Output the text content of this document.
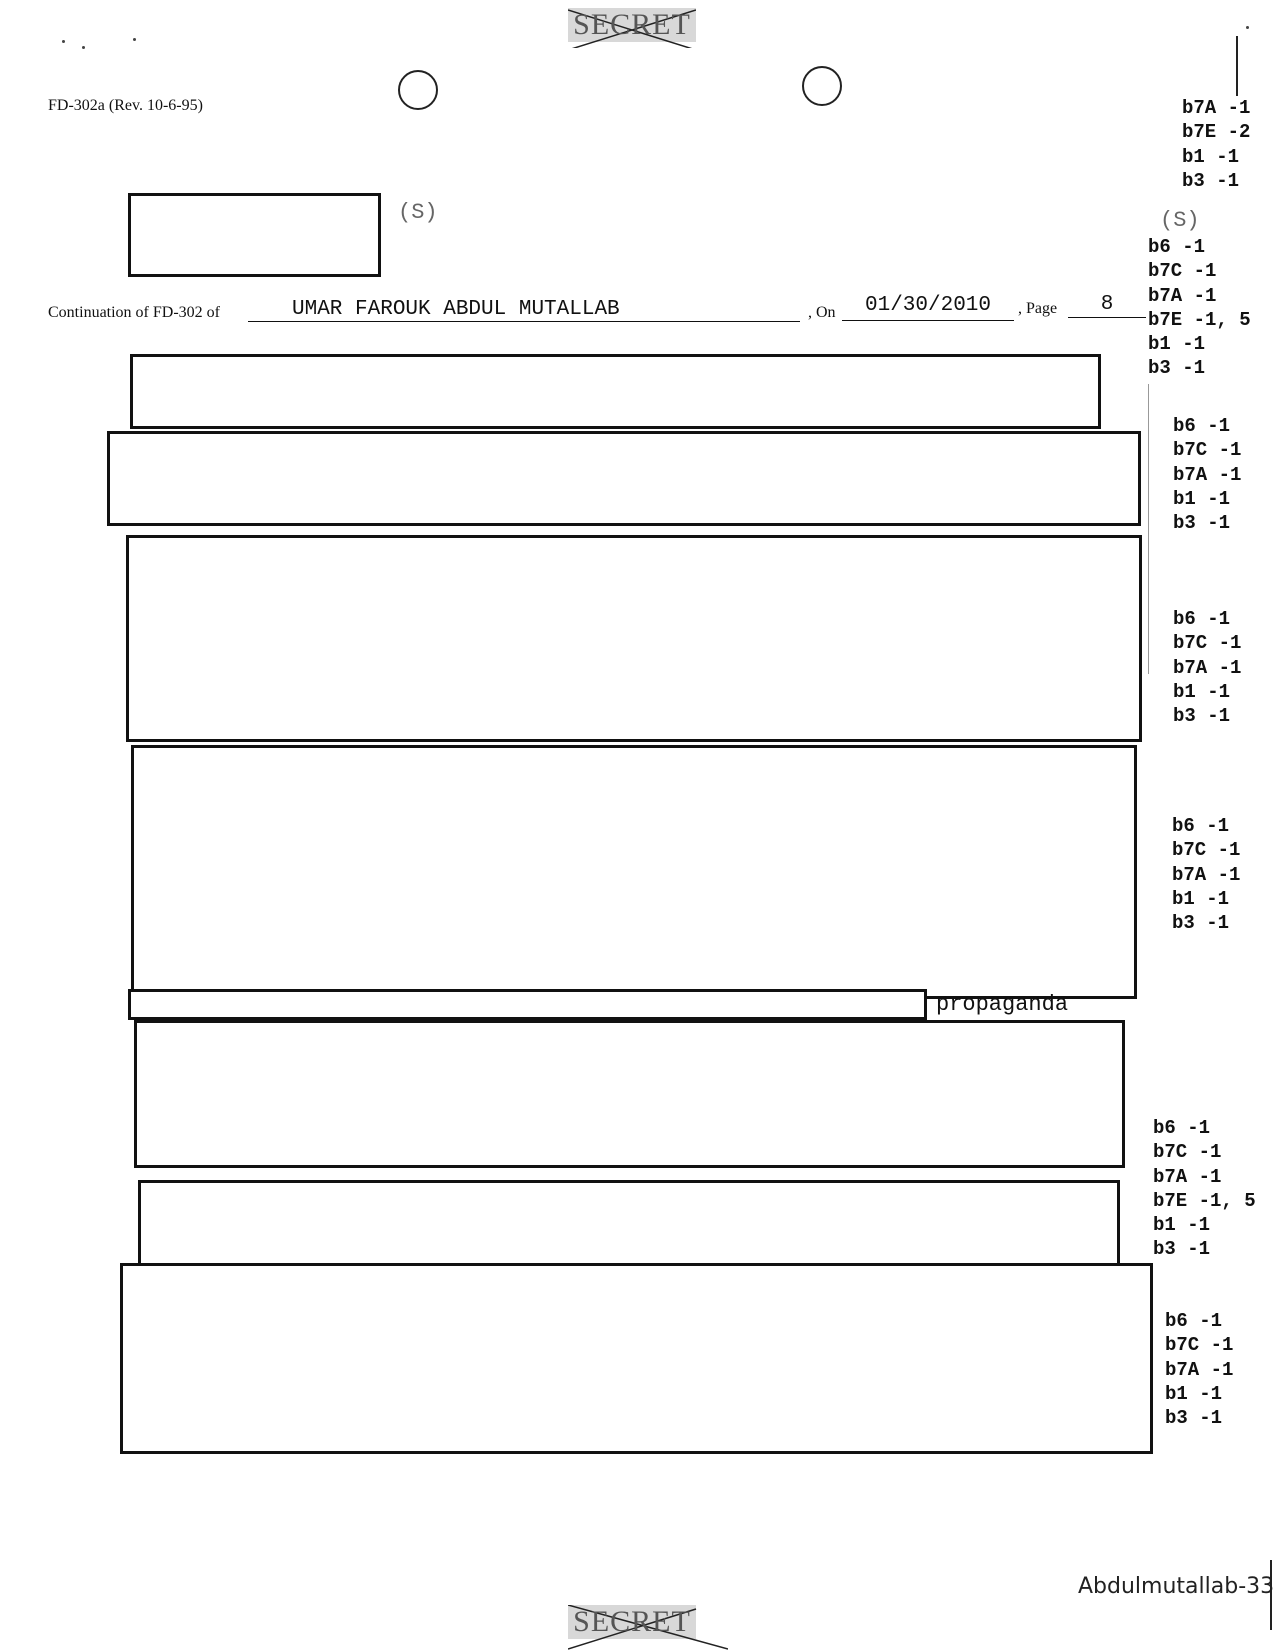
SECRET
FD-302a (Rev. 10-6-95)	b7A -1
b7E -2
b1 -1
b3 -1
(S)	(S)
b6 -1
b7C -1
b7A -1
b7E -1, 5
b1 -1
b3 -1
Continuation of FD-302 of	UMAR FAROUK ABDUL MUTALLAB	, On	01/30/2010	, Page	8
b6 -1
b7C -1
b7A -1
b1 -1
b3 -1
b6 -1
b7C -1
b7A -1
b1 -1
b3 -1
b6 -1
b7C -1
b7A -1
b1 -1
b3 -1
propaganda
b6 -1
b7C -1
b7A -1
b7E -1, 5
b1 -1
b3 -1
b6 -1
b7C -1
b7A -1
b1 -1
b3 -1
Abdulmutallab-33
SECRET
